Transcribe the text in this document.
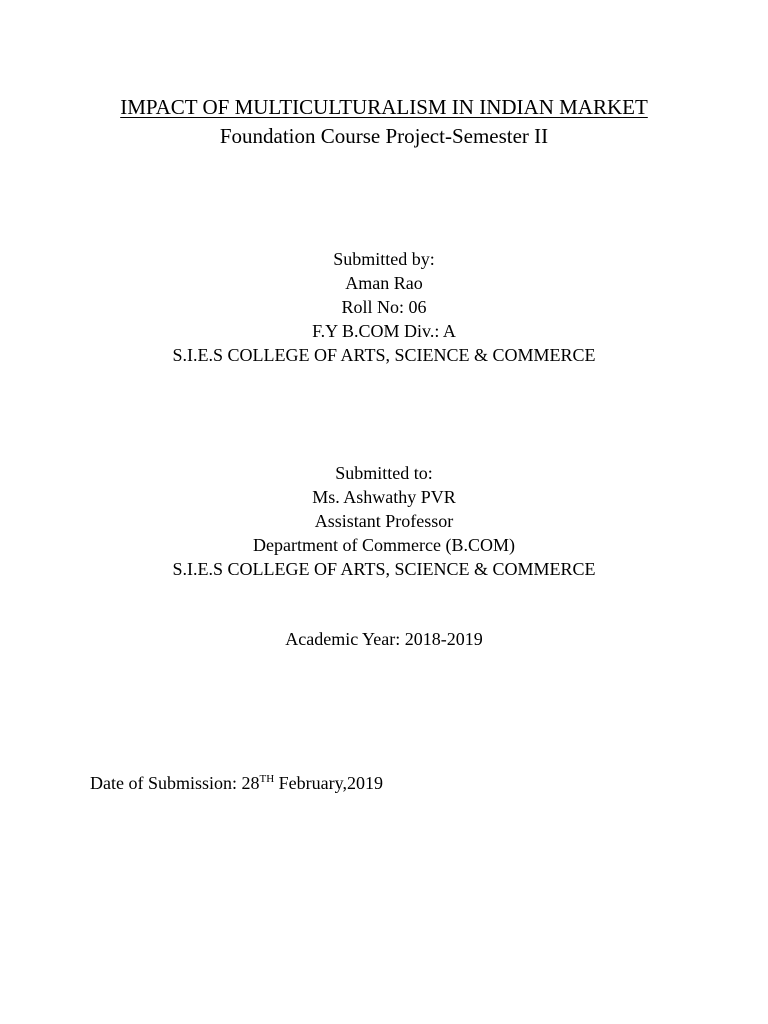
IMPACT OF MULTICULTURALISM IN INDIAN MARKET
Foundation Course Project-Semester II
Submitted by:
Aman Rao
Roll No: 06
F.Y B.COM Div.: A
S.I.E.S COLLEGE OF ARTS, SCIENCE & COMMERCE
Submitted to:
Ms. Ashwathy PVR
Assistant Professor
Department of Commerce (B.COM)
S.I.E.S COLLEGE OF ARTS, SCIENCE & COMMERCE
Academic Year: 2018-2019
Date of Submission: 28TH February,2019
